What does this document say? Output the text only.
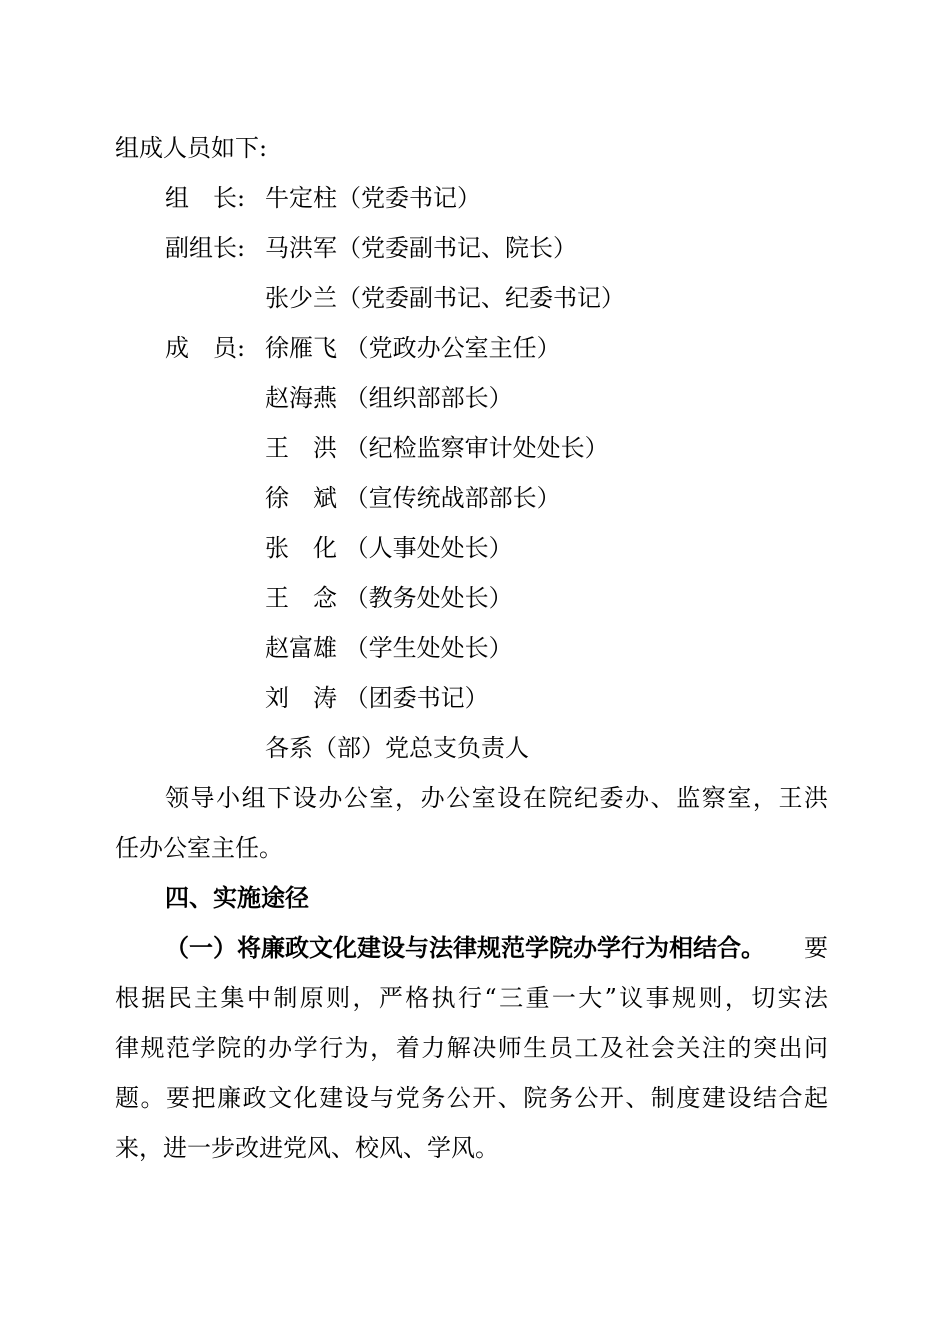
组成人员如下:
组　长: 牛定柱（党委书记）
副组长: 马洪军（党委副书记、院长）
张少兰（党委副书记、纪委书记）
成　员: 徐雁飞 （党政办公室主任）
赵海燕 （组织部部长）
王　洪 （纪检监察审计处处长）
徐　斌 （宣传统战部部长）
张　化 （人事处处长）
王　念 （教务处处长）
赵富雄 （学生处处长）
刘　涛 （团委书记）
各系（部）党总支负责人
领导小组下设办公室，办公室设在院纪委办、监察室，王洪
任办公室主任。
四、实施途径
（一）将廉政文化建设与法律规范学院办学行为相结合。 要
根据民主集中制原则，严格执行“三重一大”议事规则，切实法
律规范学院的办学行为，着力解决师生员工及社会关注的突出问
题。要把廉政文化建设与党务公开、院务公开、制度建设结合起
来，进一步改进党风、校风、学风。
